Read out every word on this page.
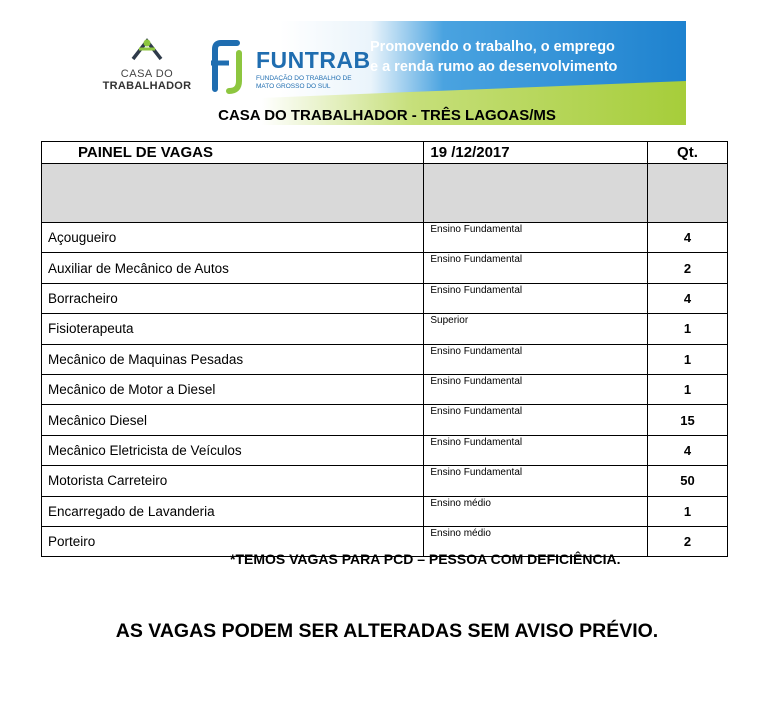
CASA DO
TRABALHADOR
FUNTRAB
FUNDAÇÃO DO TRABALHO DE MATO GROSSO DO SUL
Promovendo o trabalho, o emprego
e a renda rumo ao desenvolvimento
CASA DO TRABALHADOR - TRÊS LAGOAS/MS
PAINEL DE VAGAS	19 /12/2017	Qt.

Açougueiro	Ensino Fundamental	4
Auxiliar de Mecânico de Autos	Ensino Fundamental	2
Borracheiro	Ensino Fundamental	4
Fisioterapeuta	Superior	1
Mecânico de Maquinas Pesadas	Ensino Fundamental	1
Mecânico de Motor a Diesel	Ensino Fundamental	1
Mecânico Diesel	Ensino Fundamental	15
Mecânico Eletricista de Veículos	Ensino Fundamental	4
Motorista Carreteiro	Ensino Fundamental	50
Encarregado de Lavanderia	Ensino médio	1
Porteiro	Ensino médio	2
*TEMOS VAGAS PARA PCD – PESSOA COM DEFICIÊNCIA.
AS VAGAS PODEM SER ALTERADAS SEM AVISO PRÉVIO.
